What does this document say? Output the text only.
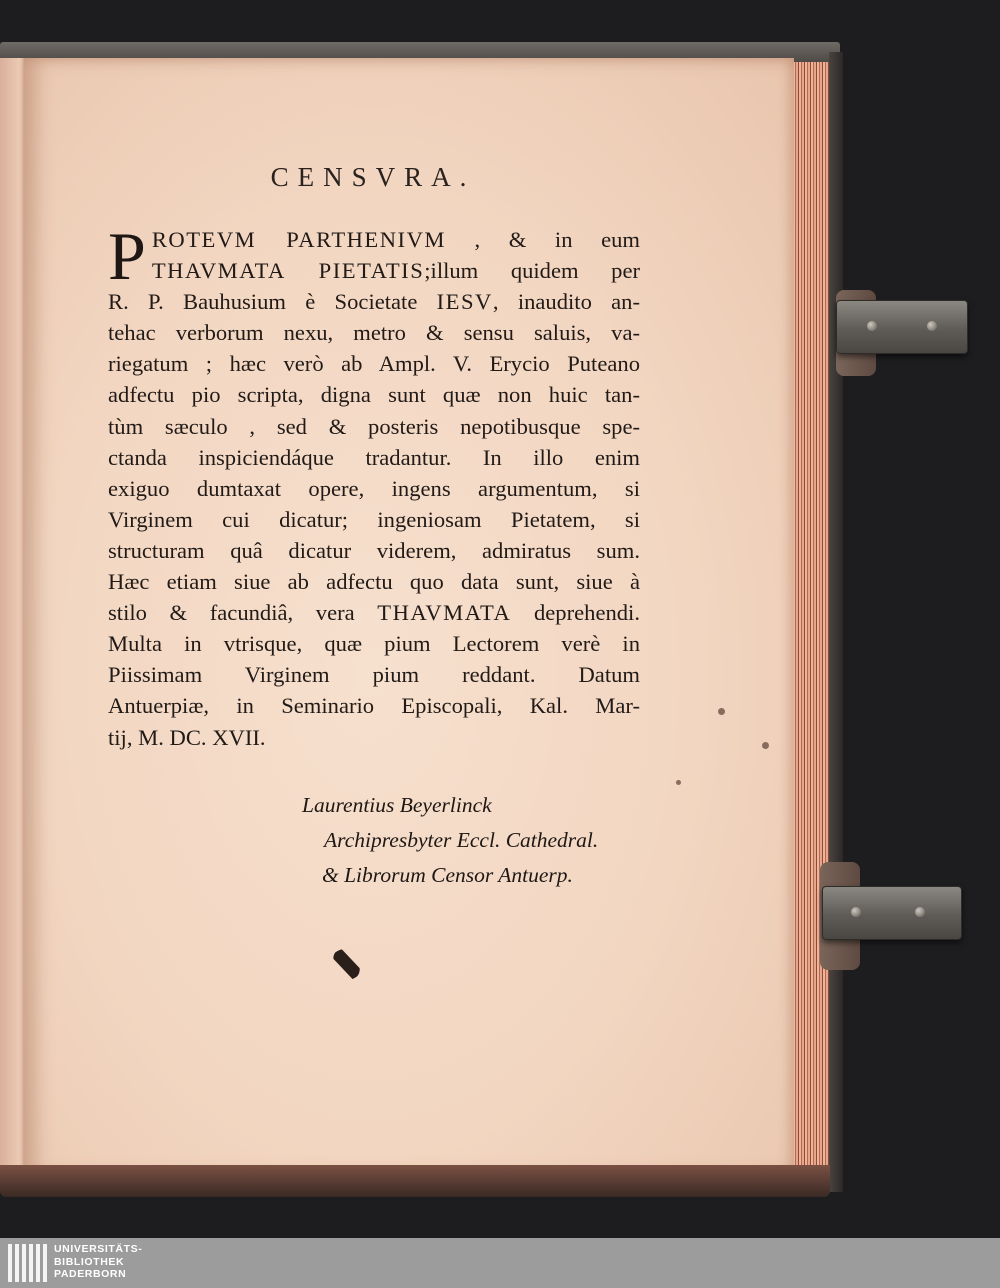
CENSVRA.
P ROTEVM PARTHENIVM , & in eum
THAVMATA PIETATIS;illum quidem per
R. P. Bauhusium è Societate IESV, inaudito an-
tehac verborum nexu, metro & sensu saluis, va-
riegatum ; hæc verò ab Ampl. V. Erycio Puteano
adfectu pio scripta, digna sunt quæ non huic tan-
tùm sæculo , sed & posteris nepotibusque spe-
ctanda inspiciendáque tradantur. In illo enim
exiguo dumtaxat opere, ingens argumentum, si
Virginem cui dicatur; ingeniosam Pietatem, si
structuram quâ dicatur viderem, admiratus sum.
Hæc etiam siue ab adfectu quo data sunt, siue à
stilo & facundiâ, vera THAVMATA deprehendi.
Multa in vtrisque, quæ pium Lectorem verè in
Piissimam Virginem pium reddant. Datum
Antuerpiæ, in Seminario Episcopali, Kal. Mar-
tij, M. DC. XVII.
Laurentius Beyerlinck
Archipresbyter Eccl. Cathedral.
& Librorum Censor Antuerp.
UNIVERSITÄTS-
BIBLIOTHEK
PADERBORN
